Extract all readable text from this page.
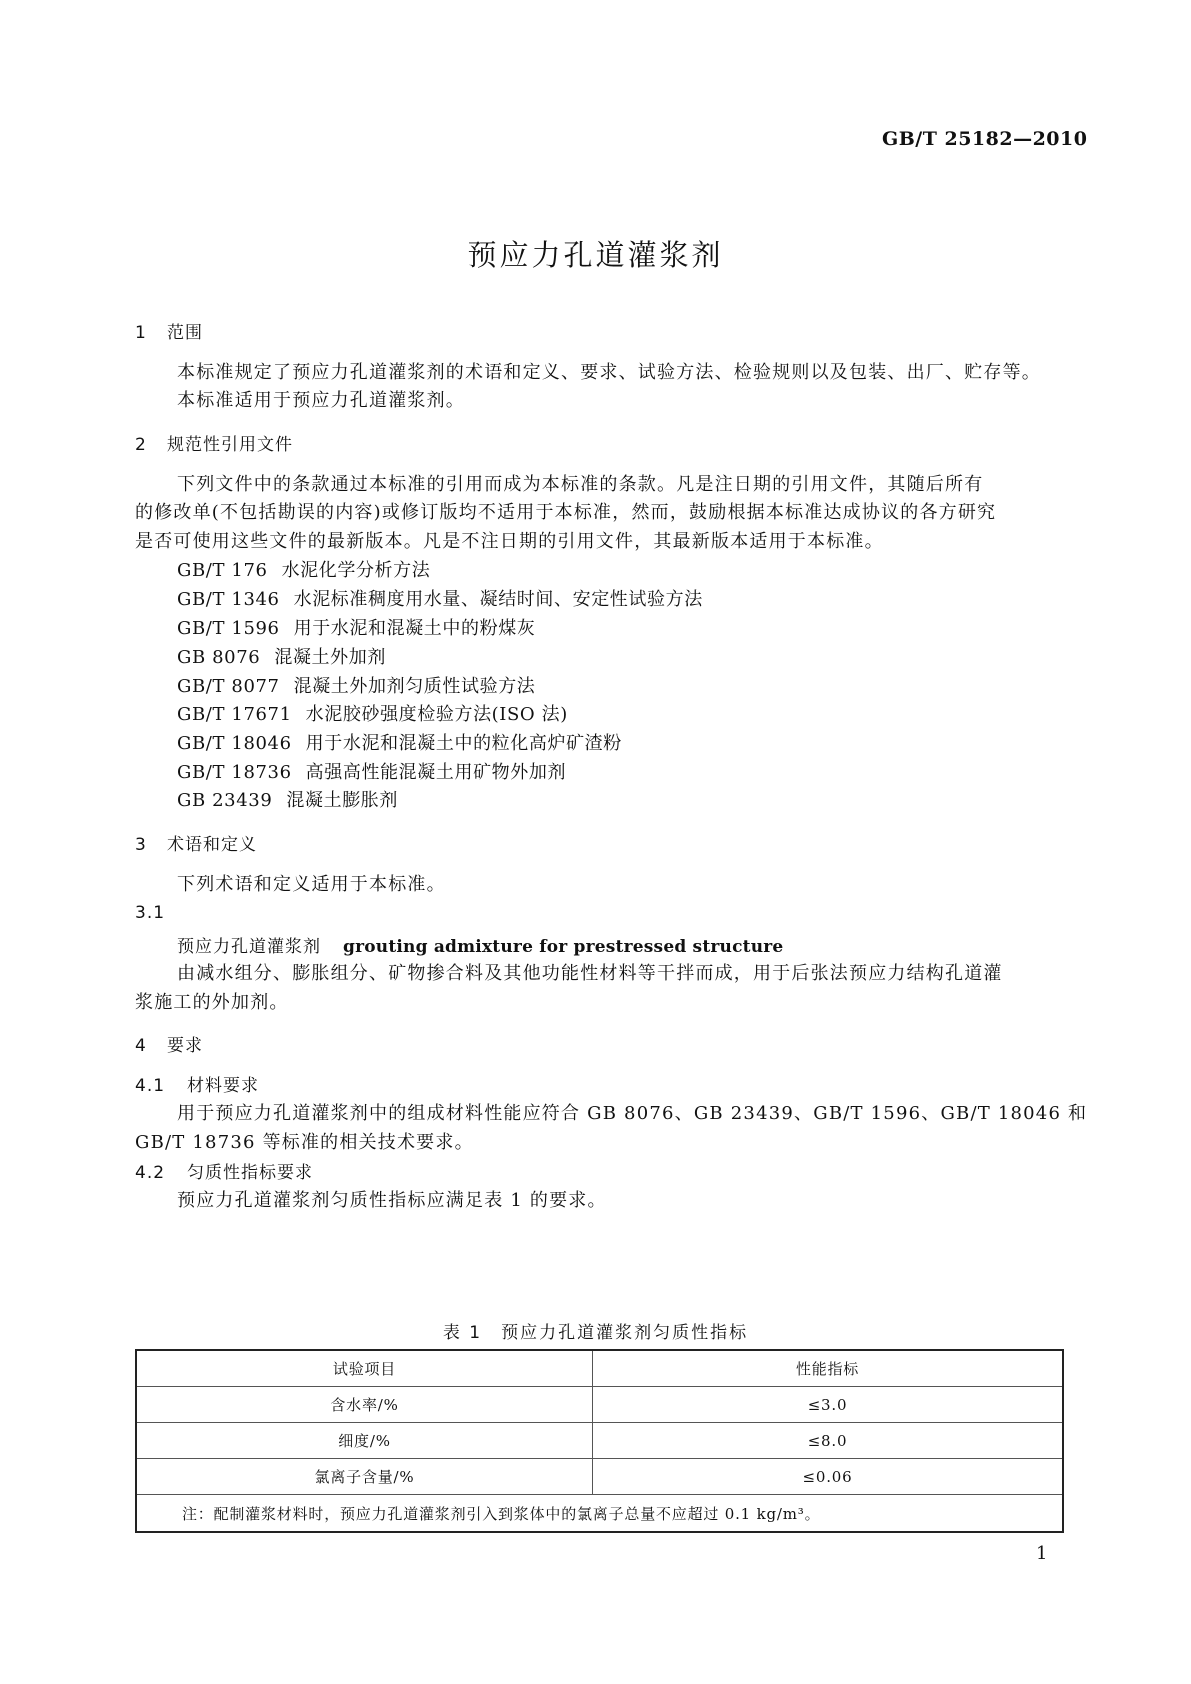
GB/T 25182—2010
预应力孔道灌浆剂
1 范围
本标准规定了预应力孔道灌浆剂的术语和定义、要求、试验方法、检验规则以及包装、出厂、贮存等。
本标准适用于预应力孔道灌浆剂。
2 规范性引用文件
下列文件中的条款通过本标准的引用而成为本标准的条款。凡是注日期的引用文件，其随后所有
的修改单(不包括勘误的内容)或修订版均不适用于本标准，然而，鼓励根据本标准达成协议的各方研究
是否可使用这些文件的最新版本。凡是不注日期的引用文件，其最新版本适用于本标准。
GB/T 176 水泥化学分析方法
GB/T 1346 水泥标准稠度用水量、凝结时间、安定性试验方法
GB/T 1596 用于水泥和混凝土中的粉煤灰
GB 8076 混凝土外加剂
GB/T 8077 混凝土外加剂匀质性试验方法
GB/T 17671 水泥胶砂强度检验方法(ISO 法)
GB/T 18046 用于水泥和混凝土中的粒化高炉矿渣粉
GB/T 18736 高强高性能混凝土用矿物外加剂
GB 23439 混凝土膨胀剂
3 术语和定义
下列术语和定义适用于本标准。
3.1
预应力孔道灌浆剂 grouting admixture for prestressed structure
由减水组分、膨胀组分、矿物掺合料及其他功能性材料等干拌而成，用于后张法预应力结构孔道灌
浆施工的外加剂。
4 要求
4.1 材料要求
用于预应力孔道灌浆剂中的组成材料性能应符合 GB 8076、GB 23439、GB/T 1596、GB/T 18046 和
GB/T 18736 等标准的相关技术要求。
4.2 匀质性指标要求
预应力孔道灌浆剂匀质性指标应满足表 1 的要求。
表 1　预应力孔道灌浆剂匀质性指标
试验项目	性能指标
含水率/%	≤3.0
细度/%	≤8.0
氯离子含量/%	≤0.06
注：配制灌浆材料时，预应力孔道灌浆剂引入到浆体中的氯离子总量不应超过 0.1 kg/m³。	
1
